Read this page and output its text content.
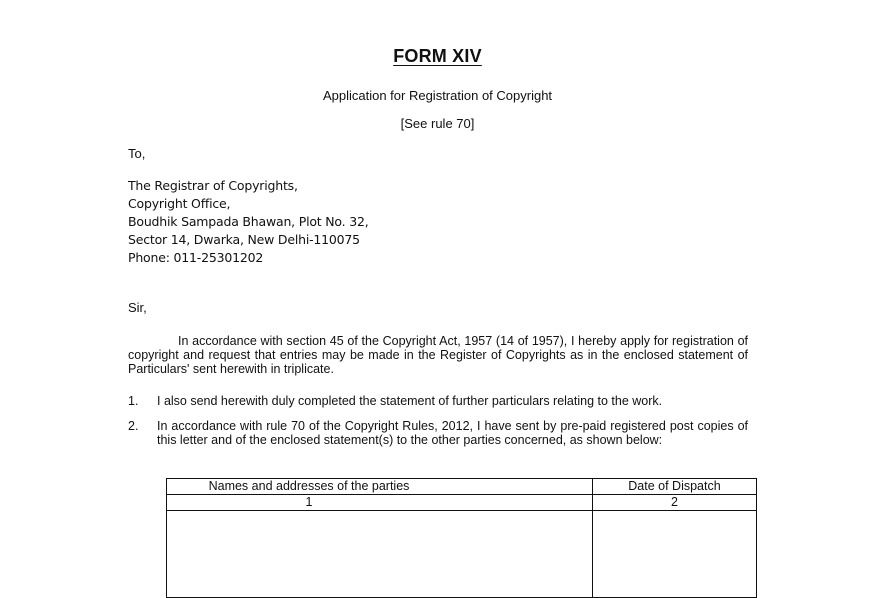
FORM XIV
Application for Registration of Copyright
[See rule 70]
To,
The Registrar of Copyrights,
Copyright Office,
Boudhik Sampada Bhawan, Plot No. 32,
Sector 14, Dwarka, New Delhi-110075
Phone: 011-25301202
Sir,
In accordance with section 45 of the Copyright Act, 1957 (14 of 1957), I hereby apply for registration of copyright and request that entries may be made in the Register of Copyrights as in the enclosed statement of Particulars' sent herewith in triplicate.
1. I also send herewith duly completed the statement of further particulars relating to the work.
2. In accordance with rule 70 of the Copyright Rules, 2012, I have sent by pre-paid registered post copies of this letter and of the enclosed statement(s) to the other parties concerned, as shown below:
Names and addresses of the parties	Date of Dispatch
1	2
